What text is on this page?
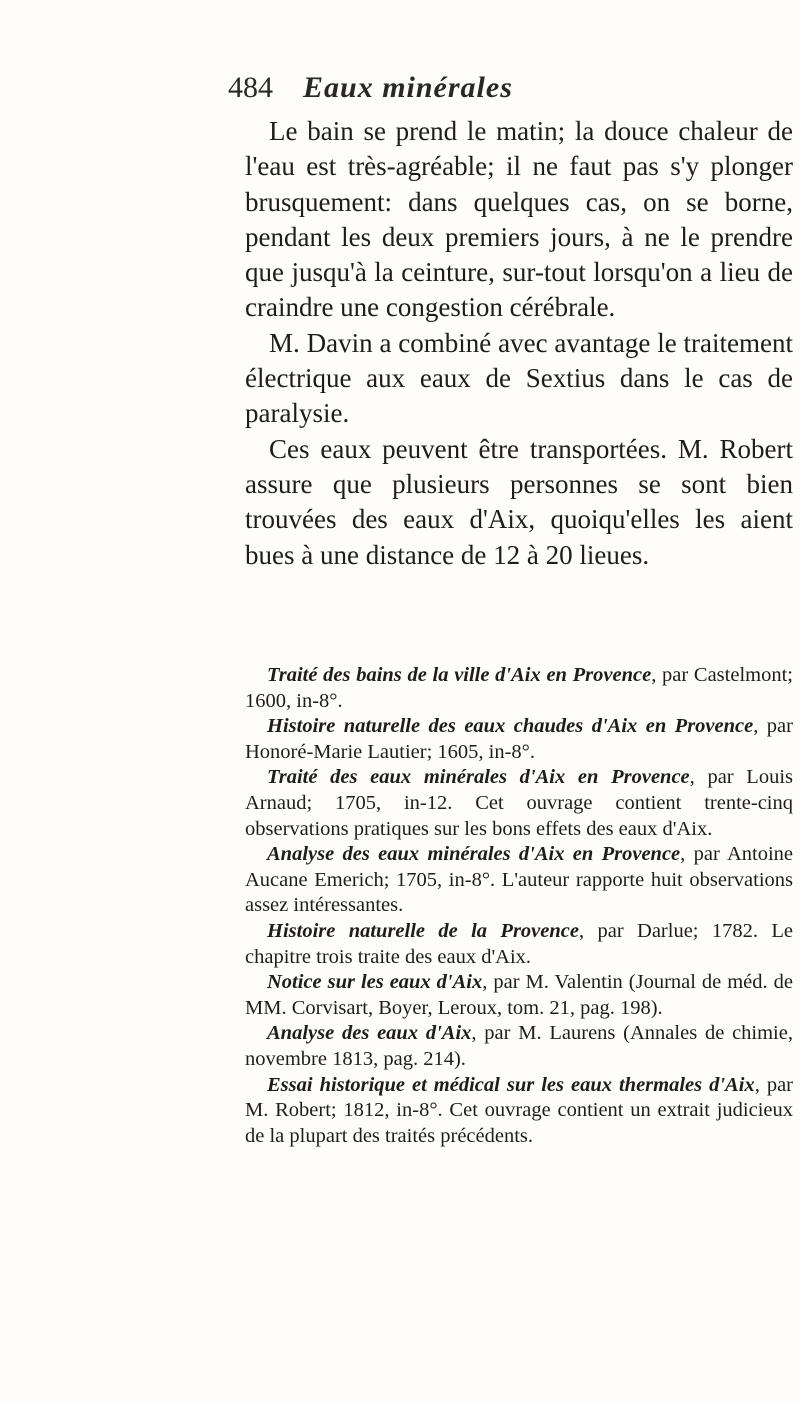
484 Eaux minérales

Le bain se prend le matin; la douce chaleur de l'eau est très-agréable; il ne faut pas s'y plonger brusquement: dans quelques cas, on se borne, pendant les deux premiers jours, à ne le prendre que jusqu'à la ceinture, sur-tout lorsqu'on a lieu de craindre une congestion cérébrale.

M. Davin a combiné avec avantage le traitement électrique aux eaux de Sextius dans le cas de paralysie.

Ces eaux peuvent être transportées. M. Robert assure que plusieurs personnes se sont bien trouvées des eaux d'Aix, quoiqu'elles les aient bues à une distance de 12 à 20 lieues.

Traité des bains de la ville d'Aix en Provence, par Castelmont; 1600, in-8°.

Histoire naturelle des eaux chaudes d'Aix en Provence, par Honoré-Marie Lautier; 1605, in-8°.

Traité des eaux minérales d'Aix en Provence, par Louis Arnaud; 1705, in-12. Cet ouvrage contient trente-cinq observations pratiques sur les bons effets des eaux d'Aix.

Analyse des eaux minérales d'Aix en Provence, par Antoine Aucane Emerich; 1705, in-8°. L'auteur rapporte huit observations assez intéressantes.

Histoire naturelle de la Provence, par Darlue; 1782. Le chapitre trois traite des eaux d'Aix.

Notice sur les eaux d'Aix, par M. Valentin (Journal de méd. de MM. Corvisart, Boyer, Leroux, tom. 21, pag. 198).

Analyse des eaux d'Aix, par M. Laurens (Annales de chimie, novembre 1813, pag. 214).

Essai historique et médical sur les eaux thermales d'Aix, par M. Robert; 1812, in-8°. Cet ouvrage contient un extrait judicieux de la plupart des traités précédents.
